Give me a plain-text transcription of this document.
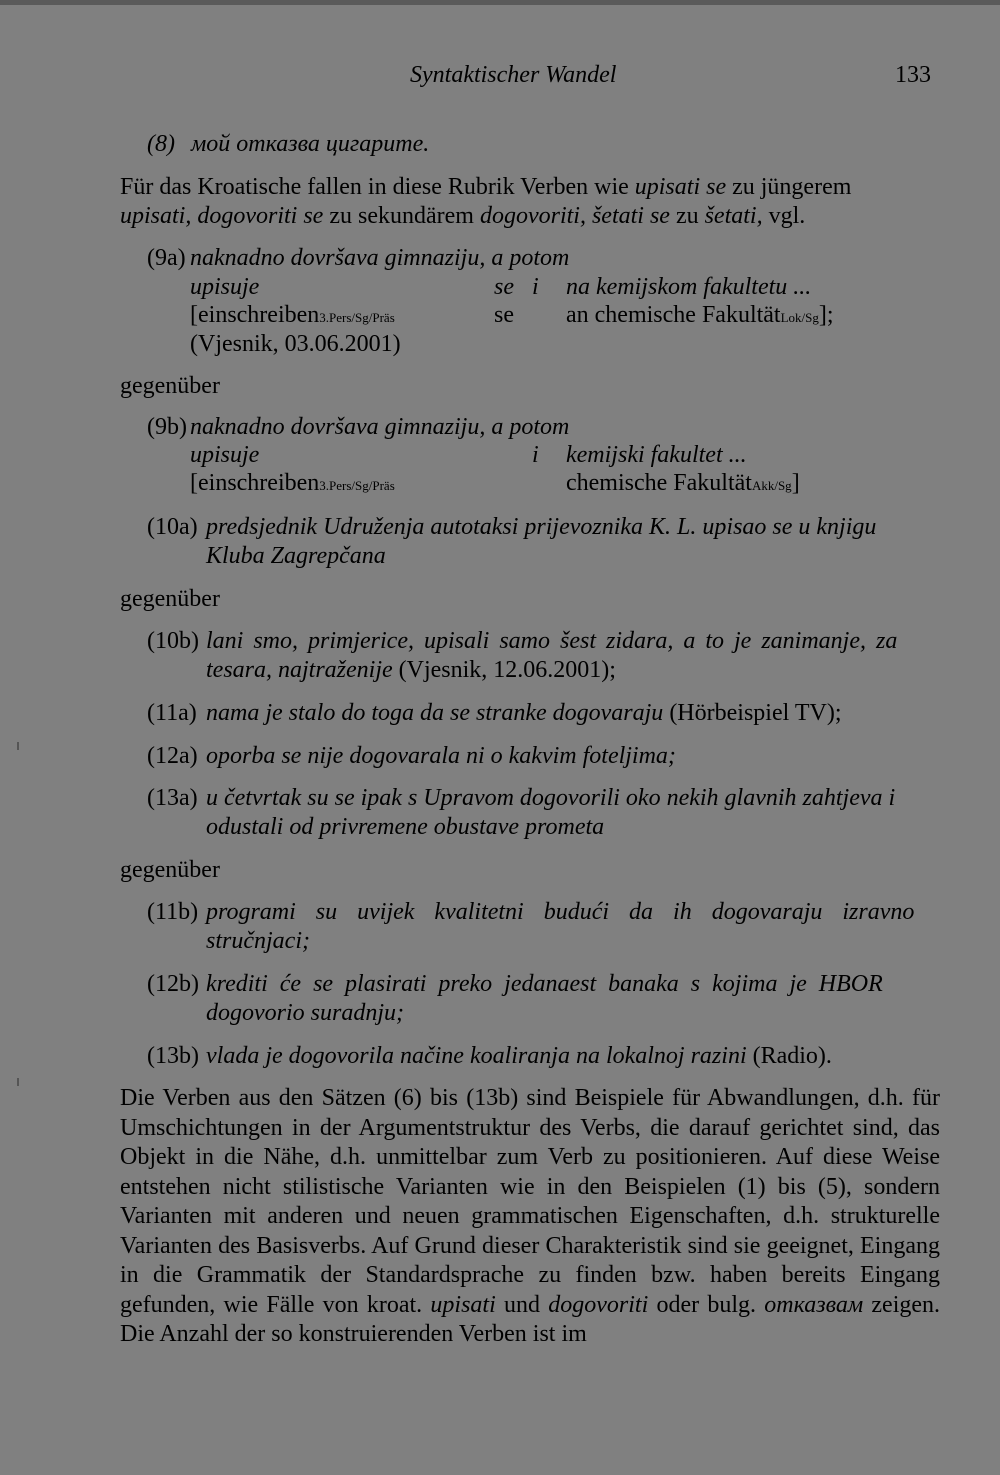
Syntaktischer Wandel	133
(8) мой отказва цигарите.
Für das Kroatische fallen in diese Rubrik Verben wie upisati se zu jüngerem
upisati, dogovoriti se zu sekundärem dogovoriti, šetati se zu šetati, vgl.
(9a) naknadno dovršava gimnaziju, a potom
upisuje	se i na kemijskom fakultetu ...
[einschreiben3.Pers/Sg/Präs	se an chemische FakultätLok/Sg];
(Vjesnik, 03.06.2001)
gegenüber
(9b) naknadno dovršava gimnaziju, a potom
upisuje	i kemijski fakultet ...
[einschreiben3.Pers/Sg/Präs	chemische FakultätAkk/Sg]
(10a) predsjednik Udruženja autotaksi prijevoznika K. L. upisao se u knjigu
Kluba Zagrepčana
gegenüber
(10b) lani smo, primjerice, upisali samo šest zidara, a to je zanimanje, za
tesara, najtraženije (Vjesnik, 12.06.2001);
(11a) nama je stalo do toga da se stranke dogovaraju (Hörbeispiel TV);
(12a) oporba se nije dogovarala ni o kakvim foteljima;
(13a) u četvrtak su se ipak s Upravom dogovorili oko nekih glavnih zahtjeva i
odustali od privremene obustave prometa
gegenüber
(11b) programi su uvijek kvalitetni budući da ih dogovaraju izravno
stručnjaci;
(12b) krediti će se plasirati preko jedanaest banaka s kojima je HBOR
dogovorio suradnju;
(13b) vlada je dogovorila načine koaliranja na lokalnoj razini (Radio).
Die Verben aus den Sätzen (6) bis (13b) sind Beispiele für Abwandlungen, d.h. für Umschichtungen in der Argumentstruktur des Verbs, die darauf gerichtet sind, das Objekt in die Nähe, d.h. unmittelbar zum Verb zu positionieren. Auf diese Weise entstehen nicht stilistische Varianten wie in den Beispielen (1) bis (5), sondern Varianten mit anderen und neuen grammatischen Eigenschaften, d.h. strukturelle Varianten des Basisverbs. Auf Grund dieser Charakteristik sind sie geeignet, Eingang in die Grammatik der Standardsprache zu finden bzw. haben bereits Eingang gefunden, wie Fälle von kroat. upisati und dogovoriti oder bulg. отказвам zeigen. Die Anzahl der so konstruierenden Verben ist im
